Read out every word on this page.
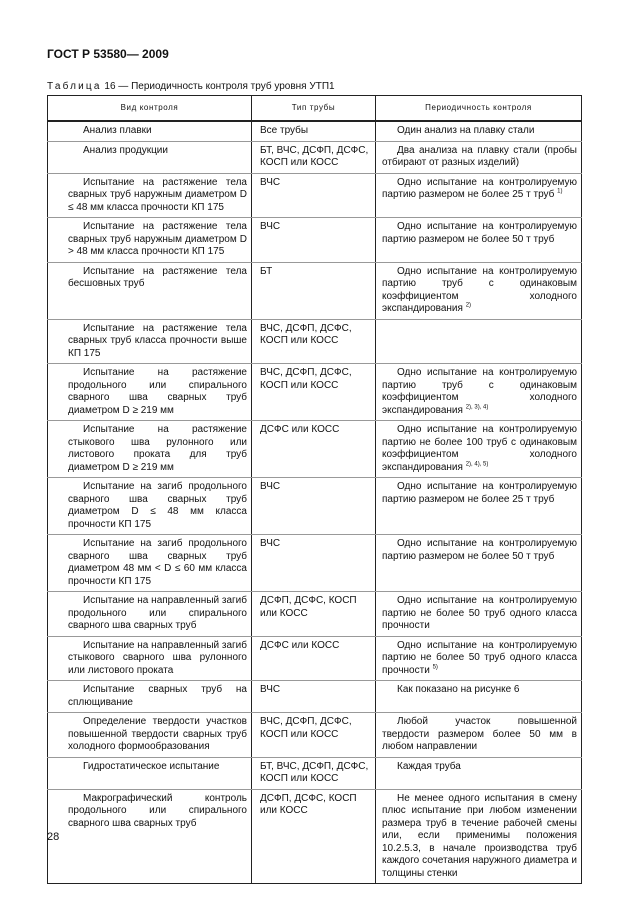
ГОСТ Р 53580— 2009
Таблица 16 — Периодичность контроля труб уровня УТП1
Вид контроля	Тип трубы	Периодичность контроля
Анализ плавки	Все трубы	Один анализ на плавку стали
Анализ продукции	БТ, ВЧС, ДСФП, ДСФС, КОСП или КОСС	Два анализа на плавку стали (пробы отбирают от разных изделий)
Испытание на растяжение тела сварных труб наружным диаметром D ≤ 48 мм класса прочности КП 175	ВЧС	Одно испытание на контролируемую партию размером не более 25 т труб $^{1)}$
Испытание на растяжение тела сварных труб наружным диаметром D > 48 мм класса прочности КП 175	ВЧС	Одно испытание на контролируемую партию размером не более 50 т труб
Испытание на растяжение тела бесшовных труб	БТ	Одно испытание на контролируемую партию труб с одинаковым коэффициентом холодного экспандирования $^{2)}$
Испытание на растяжение тела сварных труб класса прочности выше КП 175	ВЧС, ДСФП, ДСФС, КОСП или КОСС	
Испытание на растяжение продольного или спирального сварного шва сварных труб диаметром D ≥ 219 мм	ВЧС, ДСФП, ДСФС, КОСП или КОСС	Одно испытание на контролируемую партию труб с одинаковым коэффициентом холодного экспандирования $^{2), 3), 4)}$
Испытание на растяжение стыкового шва рулонного или листового проката для труб диаметром D ≥ 219 мм	ДСФС или КОСС	Одно испытание на контролируемую партию не более 100 труб с одинаковым коэффициентом холодного экспандирования $^{2), 4), 5)}$
Испытание на загиб продольного сварного шва сварных труб диаметром D ≤ 48 мм класса прочности КП 175	ВЧС	Одно испытание на контролируемую партию размером не более 25 т труб
Испытание на загиб продольного сварного шва сварных труб диаметром 48 мм < D ≤ 60 мм класса прочности КП 175	ВЧС	Одно испытание на контролируемую партию размером не более 50 т труб
Испытание на направленный загиб продольного или спирального сварного шва сварных труб	ДСФП, ДСФС, КОСП или КОСС	Одно испытание на контролируемую партию не более 50 труб одного класса прочности
Испытание на направленный загиб стыкового сварного шва рулонного или листового проката	ДСФС или КОСС	Одно испытание на контролируемую партию не более 50 труб одного класса прочности $^{5)}$
Испытание сварных труб на сплющивание	ВЧС	Как показано на рисунке 6
Определение твердости участков повышенной твердости сварных труб холодного формообразования	ВЧС, ДСФП, ДСФС, КОСП или КОСС	Любой участок повышенной твердости размером более 50 мм в любом направлении
Гидростатическое испытание	БТ, ВЧС, ДСФП, ДСФС, КОСП или КОСС	Каждая труба
Макрографический контроль продольного или спирального сварного шва сварных труб	ДСФП, ДСФС, КОСП или КОСС	Не менее одного испытания в смену плюс испытание при любом изменении размера труб в течение рабочей смены или, если применимы положения 10.2.5.3, в начале производства труб каждого сочетания наружного диаметра и толщины стенки
28
